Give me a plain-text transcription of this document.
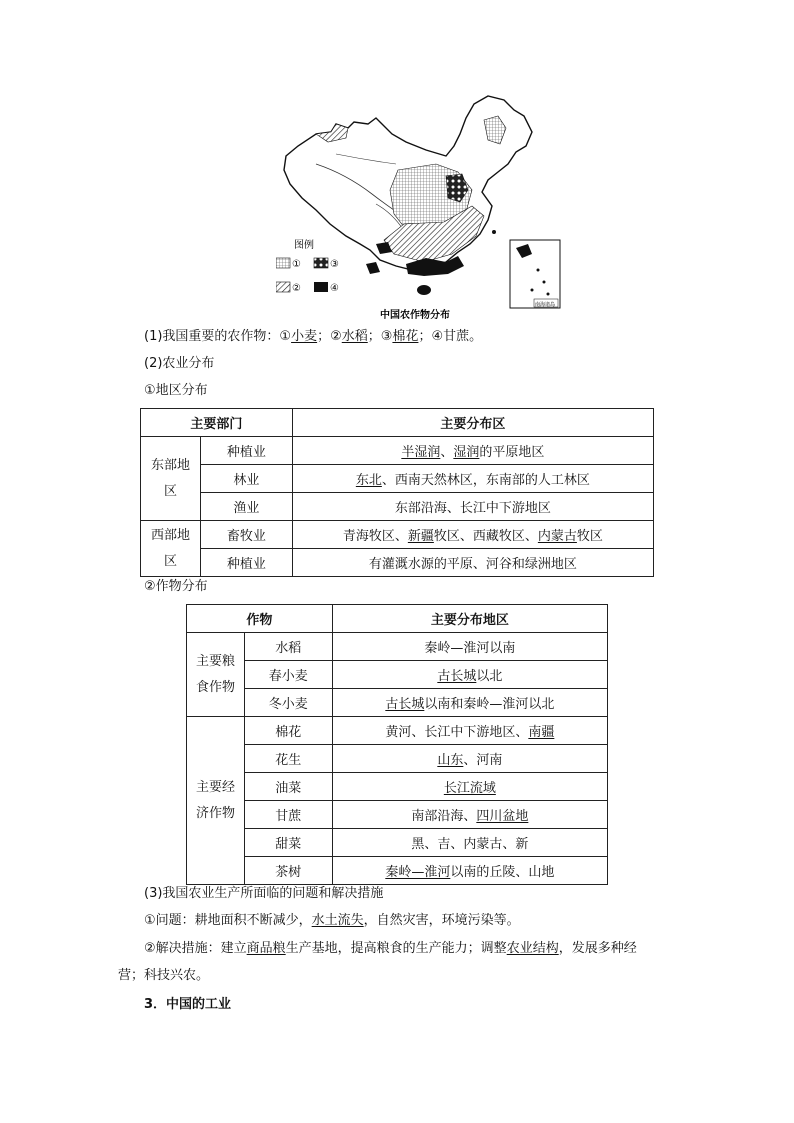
图例
①	③
②	④
南海诸岛
中国农作物分布
(1)我国重要的农作物：①小麦；②水稻；③棉花；④甘蔗。
(2)农业分布
①地区分布
主要部门		主要分布区
东部地区	种植业	半湿润、湿润的平原地区
	林业	东北、西南天然林区，东南部的人工林区
	渔业	东部沿海、长江中下游地区
西部地区	畜牧业	青海牧区、新疆牧区、西藏牧区、内蒙古牧区
	种植业	有灌溉水源的平原、河谷和绿洲地区
②作物分布
作物		主要分布地区
主要粮食作物	水稻	秦岭—淮河以南
	春小麦	古长城以北
	冬小麦	古长城以南和秦岭—淮河以北
主要经济作物	棉花	黄河、长江中下游地区、南疆
	花生	山东、河南
	油菜	长江流域
	甘蔗	南部沿海、四川盆地
	甜菜	黑、吉、内蒙古、新
	茶树	秦岭—淮河以南的丘陵、山地
(3)我国农业生产所面临的问题和解决措施
①问题：耕地面积不断减少，水土流失，自然灾害，环境污染等。
②解决措施：建立商品粮生产基地，提高粮食的生产能力；调整农业结构，发展多种经
营；科技兴农。
3．中国的工业
